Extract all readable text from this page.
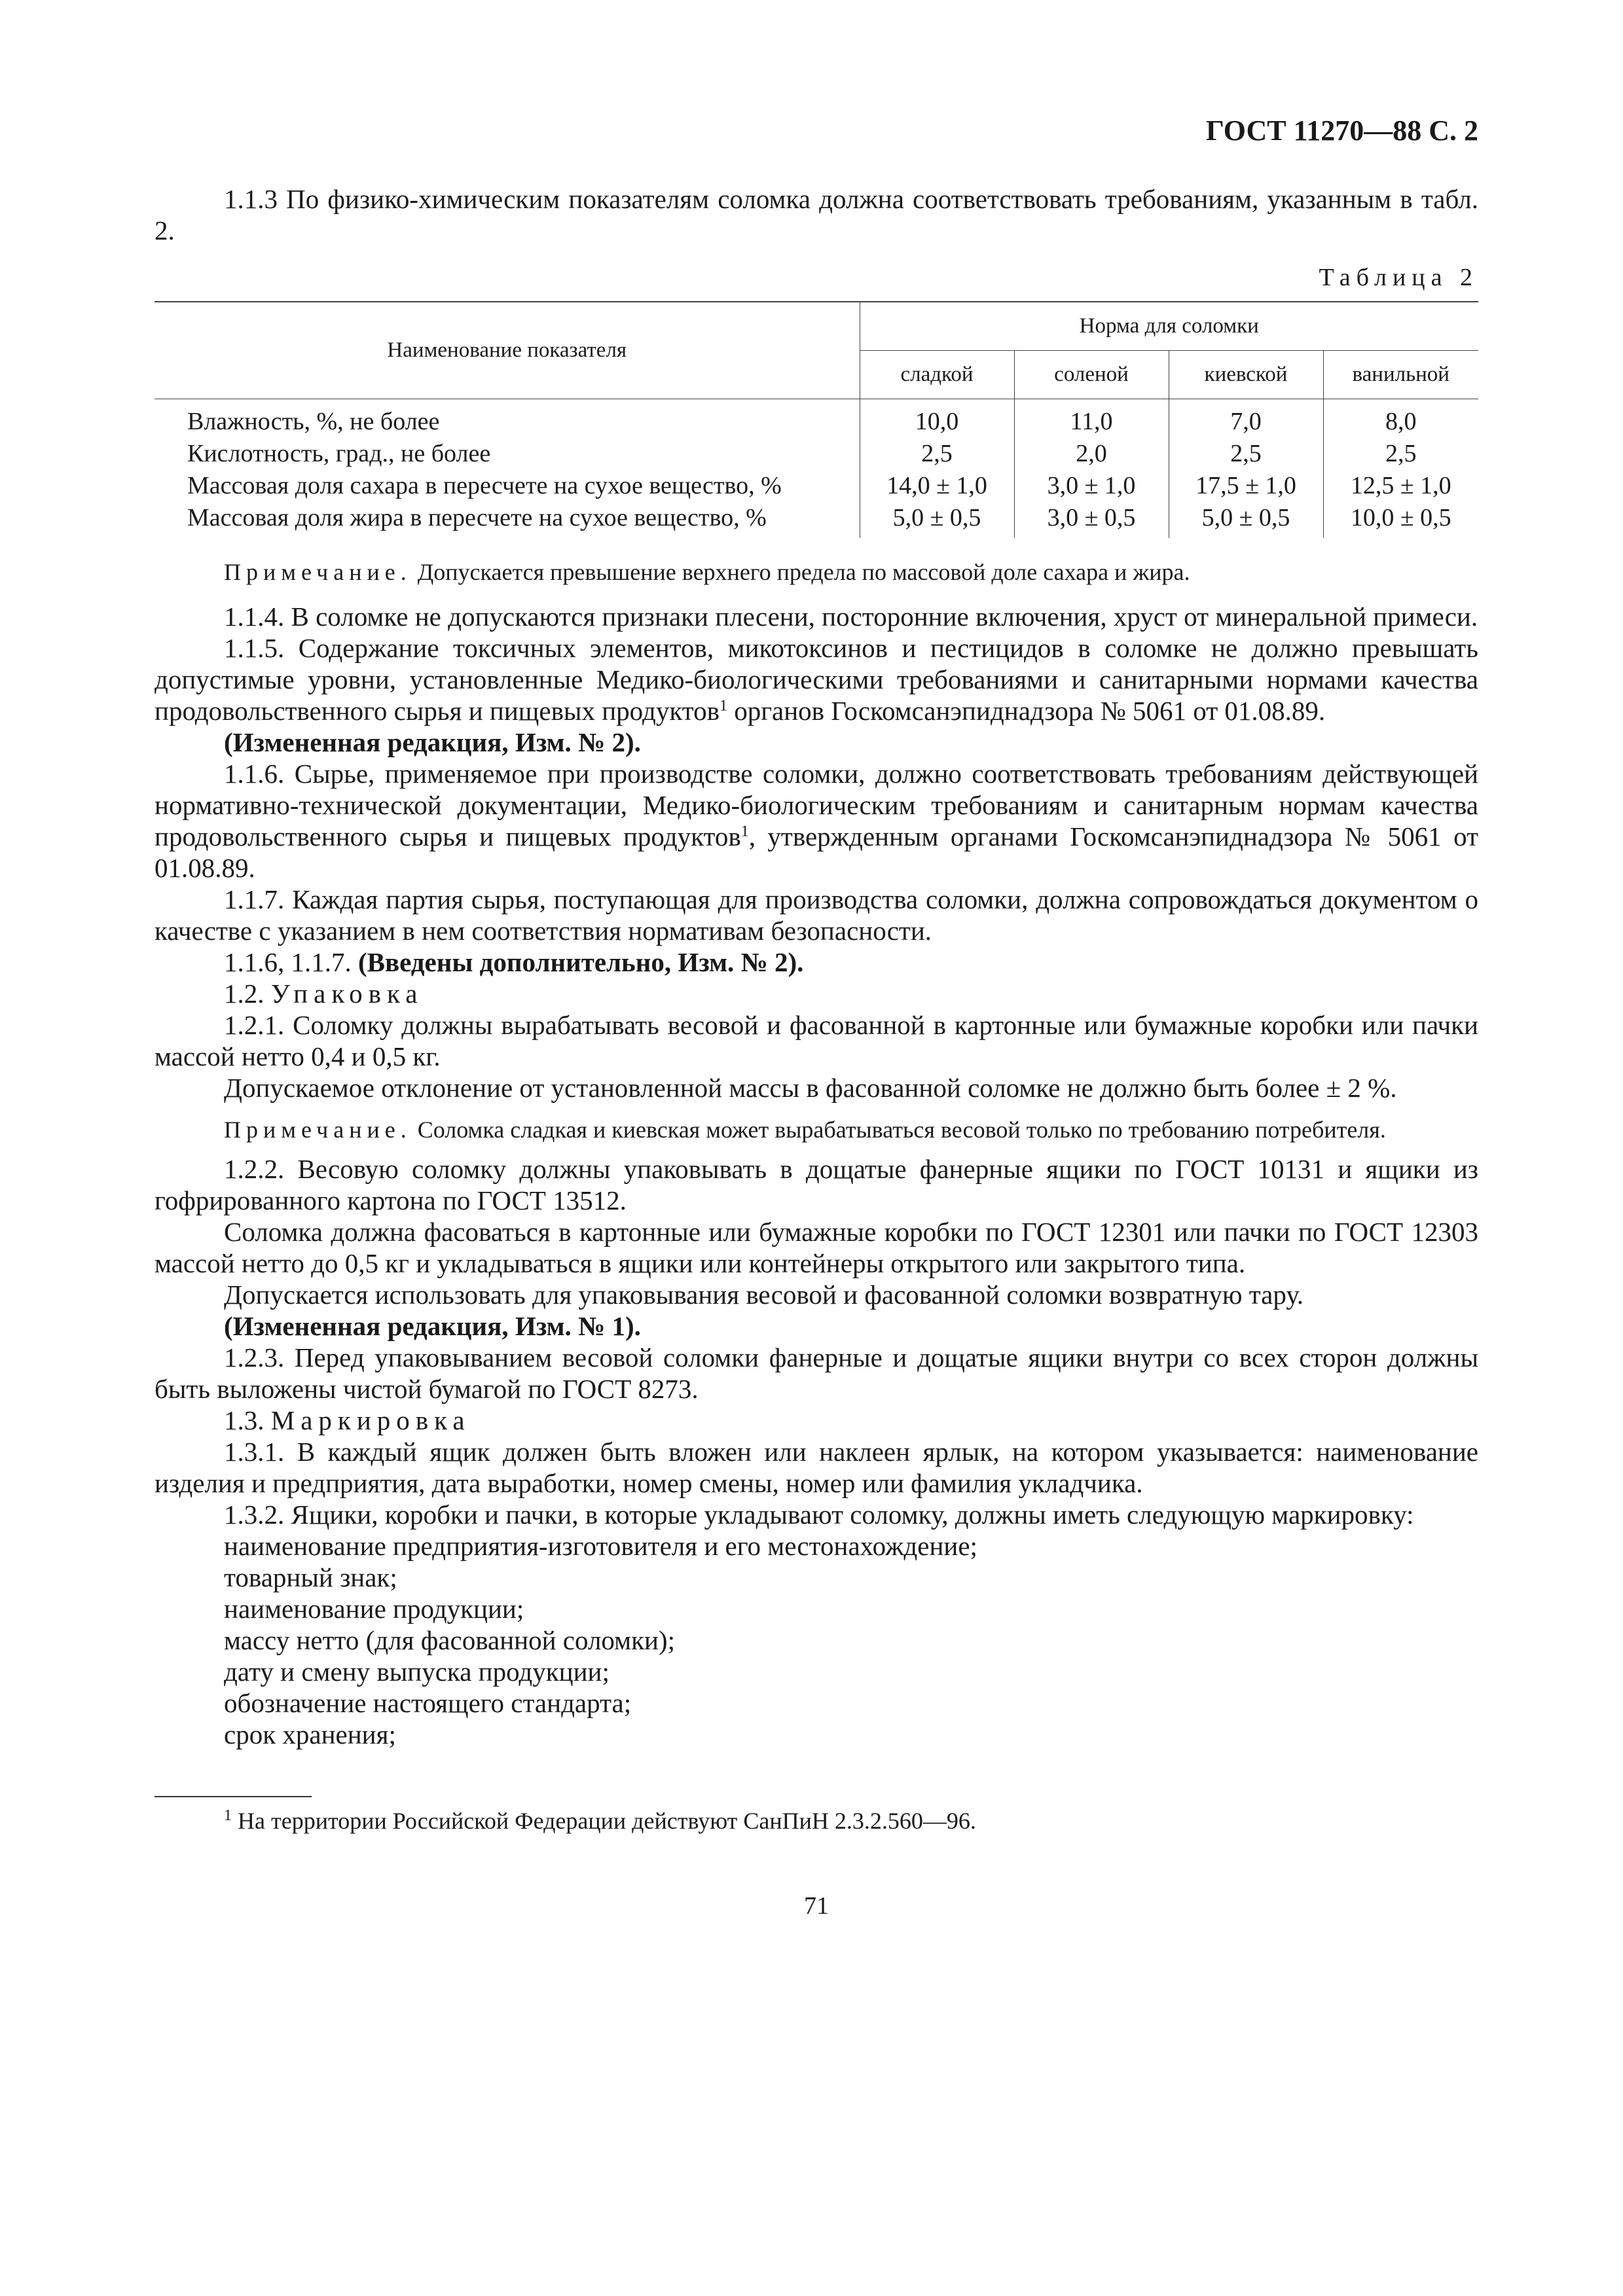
ГОСТ 11270—88 С. 2

1.1.3 По физико-химическим показателям соломка должна соответствовать требованиям, указанным в табл. 2.

Таблица 2
Наименование показателя	Норма для соломки			
	сладкой	соленой	киевской	ванильной
Влажность, %, не более	10,0	11,0	7,0	8,0
Кислотность, град., не более	2,5	2,0	2,5	2,5
Массовая доля сахара в пересчете на сухое вещество, %	14,0 ± 1,0	3,0 ± 1,0	17,5 ± 1,0	12,5 ± 1,0
Массовая доля жира в пересчете на сухое вещество, %	5,0 ± 0,5	3,0 ± 0,5	5,0 ± 0,5	10,0 ± 0,5

Примечание. Допускается превышение верхнего предела по массовой доле сахара и жира.

1.1.4. В соломке не допускаются признаки плесени, посторонние включения, хруст от минеральной примеси.

1.1.5. Содержание токсичных элементов, микотоксинов и пестицидов в соломке не должно превышать допустимые уровни, установленные Медико-биологическими требованиями и санитарными нормами качества продовольственного сырья и пищевых продуктов$^1$ органов Госкомсанэпиднадзора № 5061 от 01.08.89.

(Измененная редакция, Изм. № 2).

1.1.6. Сырье, применяемое при производстве соломки, должно соответствовать требованиям действующей нормативно-технической документации, Медико-биологическим требованиям и санитарным нормам качества продовольственного сырья и пищевых продуктов$^1$, утвержденным органами Госкомсанэпиднадзора № 5061 от 01.08.89.

1.1.7. Каждая партия сырья, поступающая для производства соломки, должна сопровождаться документом о качестве с указанием в нем соответствия нормативам безопасности.

1.1.6, 1.1.7. (Введены дополнительно, Изм. № 2).

1.2. Упаковка

1.2.1. Соломку должны вырабатывать весовой и фасованной в картонные или бумажные коробки или пачки массой нетто 0,4 и 0,5 кг.

Допускаемое отклонение от установленной массы в фасованной соломке не должно быть более ± 2 %.

Примечание. Соломка сладкая и киевская может вырабатываться весовой только по требованию потребителя.

1.2.2. Весовую соломку должны упаковывать в дощатые фанерные ящики по ГОСТ 10131 и ящики из гофрированного картона по ГОСТ 13512.

Соломка должна фасоваться в картонные или бумажные коробки по ГОСТ 12301 или пачки по ГОСТ 12303 массой нетто до 0,5 кг и укладываться в ящики или контейнеры открытого или закрытого типа.

Допускается использовать для упаковывания весовой и фасованной соломки возвратную тару.

(Измененная редакция, Изм. № 1).

1.2.3. Перед упаковыванием весовой соломки фанерные и дощатые ящики внутри со всех сторон должны быть выложены чистой бумагой по ГОСТ 8273.

1.3. Маркировка

1.3.1. В каждый ящик должен быть вложен или наклеен ярлык, на котором указывается: наименование изделия и предприятия, дата выработки, номер смены, номер или фамилия укладчика.

1.3.2. Ящики, коробки и пачки, в которые укладывают соломку, должны иметь следующую маркировку:

наименование предприятия-изготовителя и его местонахождение;

товарный знак;

наименование продукции;

массу нетто (для фасованной соломки);

дату и смену выпуска продукции;

обозначение настоящего стандарта;

срок хранения;

$^1$ На территории Российской Федерации действуют СанПиН 2.3.2.560—96.
71
